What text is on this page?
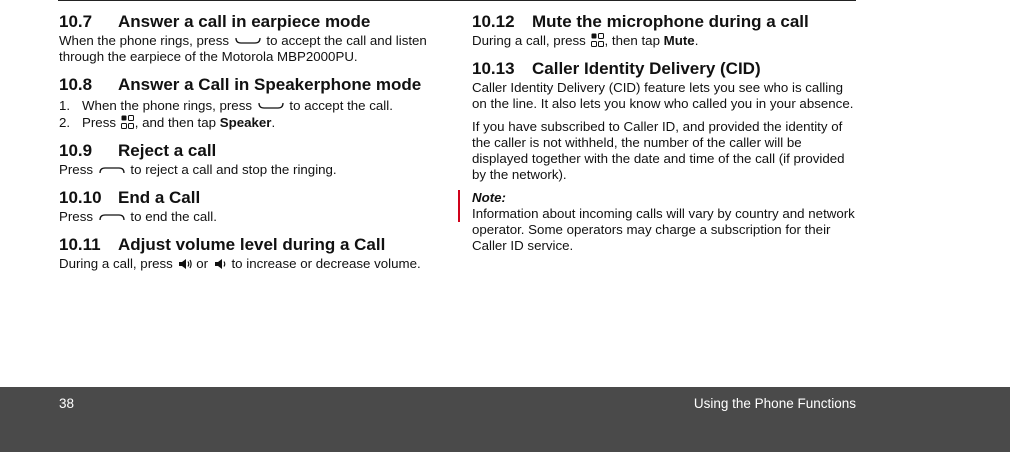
10.7	Answer a call in earpiece mode
When the phone rings, press	to accept the call and listen through the earpiece of the Motorola MBP2000PU.
10.8	Answer a Call in Speakerphone mode
1. When the phone rings, press	to accept the call.
2. Press , and then tap Speaker.
10.9	Reject a call
Press	to reject a call and stop the ringing.
10.10 End a Call
Press	to end the call.
10.11	Adjust volume level during a Call
During a call, press or to increase or decrease volume.
10.12	Mute the microphone during a call
During a call, press , then tap Mute.
10.13	Caller Identity Delivery (CID)
Caller Identity Delivery (CID) feature lets you see who is calling on the line. It also lets you know who called you in your absence.
If you have subscribed to Caller ID, and provided the identity of the caller is not withheld, the number of the caller will be displayed together with the date and time of the call (if provided by the network).
Note:
Information about incoming calls will vary by country and network operator. Some operators may charge a subscription for their Caller ID service.
38	Using the Phone Functions
